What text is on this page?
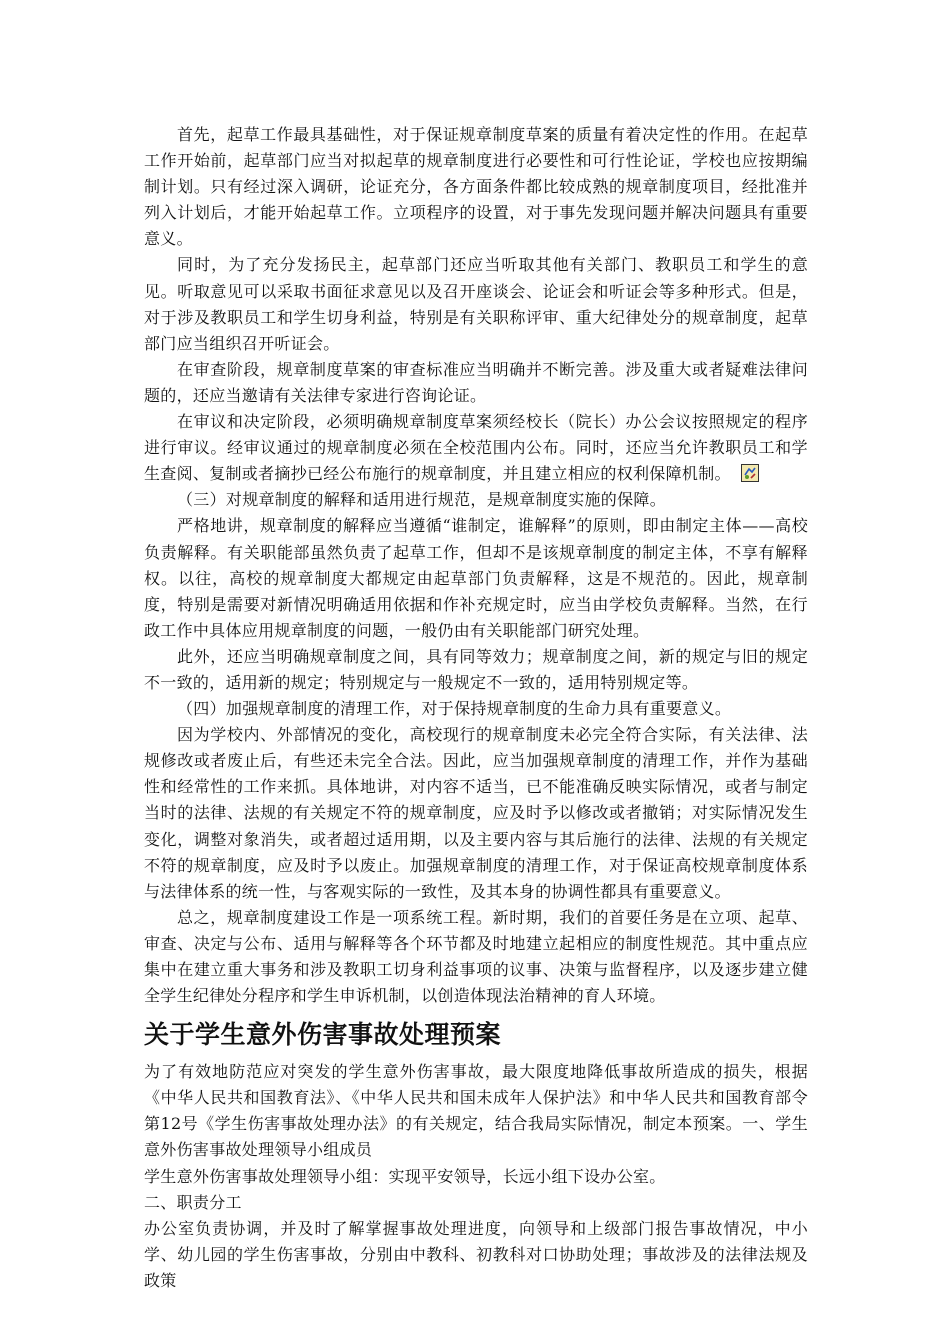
首先，起草工作最具基础性，对于保证规章制度草案的质量有着决定性的作用。在起草工作开始前，起草部门应当对拟起草的规章制度进行必要性和可行性论证，学校也应按期编制计划。只有经过深入调研，论证充分，各方面条件都比较成熟的规章制度项目，经批准并列入计划后，才能开始起草工作。立项程序的设置，对于事先发现问题并解决问题具有重要意义。

同时，为了充分发扬民主，起草部门还应当听取其他有关部门、教职员工和学生的意见。听取意见可以采取书面征求意见以及召开座谈会、论证会和听证会等多种形式。但是，对于涉及教职员工和学生切身利益，特别是有关职称评审、重大纪律处分的规章制度，起草部门应当组织召开听证会。

在审查阶段，规章制度草案的审查标准应当明确并不断完善。涉及重大或者疑难法律问题的，还应当邀请有关法律专家进行咨询论证。

在审议和决定阶段，必须明确规章制度草案须经校长（院长）办公会议按照规定的程序进行审议。经审议通过的规章制度必须在全校范围内公布。同时，还应当允许教职员工和学生查阅、复制或者摘抄已经公布施行的规章制度，并且建立相应的权利保障机制。

（三）对规章制度的解释和适用进行规范，是规章制度实施的保障。

严格地讲，规章制度的解释应当遵循“谁制定，谁解释”的原则，即由制定主体——高校负责解释。有关职能部虽然负责了起草工作，但却不是该规章制度的制定主体，不享有解释权。以往，高校的规章制度大都规定由起草部门负责解释，这是不规范的。因此，规章制度，特别是需要对新情况明确适用依据和作补充规定时，应当由学校负责解释。当然，在行政工作中具体应用规章制度的问题，一般仍由有关职能部门研究处理。

此外，还应当明确规章制度之间，具有同等效力；规章制度之间，新的规定与旧的规定不一致的，适用新的规定；特别规定与一般规定不一致的，适用特别规定等。

（四）加强规章制度的清理工作，对于保持规章制度的生命力具有重要意义。

因为学校内、外部情况的变化，高校现行的规章制度未必完全符合实际，有关法律、法规修改或者废止后，有些还未完全合法。因此，应当加强规章制度的清理工作，并作为基础性和经常性的工作来抓。具体地讲，对内容不适当，已不能准确反映实际情况，或者与制定当时的法律、法规的有关规定不符的规章制度，应及时予以修改或者撤销；对实际情况发生变化，调整对象消失，或者超过适用期，以及主要内容与其后施行的法律、法规的有关规定不符的规章制度，应及时予以废止。加强规章制度的清理工作，对于保证高校规章制度体系与法律体系的统一性，与客观实际的一致性，及其本身的协调性都具有重要意义。

总之，规章制度建设工作是一项系统工程。新时期，我们的首要任务是在立项、起草、审查、决定与公布、适用与解释等各个环节都及时地建立起相应的制度性规范。其中重点应集中在建立重大事务和涉及教职工切身利益事项的议事、决策与监督程序，以及逐步建立健全学生纪律处分程序和学生申诉机制，以创造体现法治精神的育人环境。

关于学生意外伤害事故处理预案

为了有效地防范应对突发的学生意外伤害事故，最大限度地降低事故所造成的损失，根据《中华人民共和国教育法》、《中华人民共和国未成年人保护法》和中华人民共和国教育部令第12号《学生伤害事故处理办法》的有关规定，结合我局实际情况，制定本预案。一、学生意外伤害事故处理领导小组成员

学生意外伤害事故处理领导小组：实现平安领导，长远小组下设办公室。

二、职责分工

办公室负责协调，并及时了解掌握事故处理进度，向领导和上级部门报告事故情况，中小学、幼儿园的学生伤害事故，分别由中教科、初教科对口协助处理；事故涉及的法律法规及政策
